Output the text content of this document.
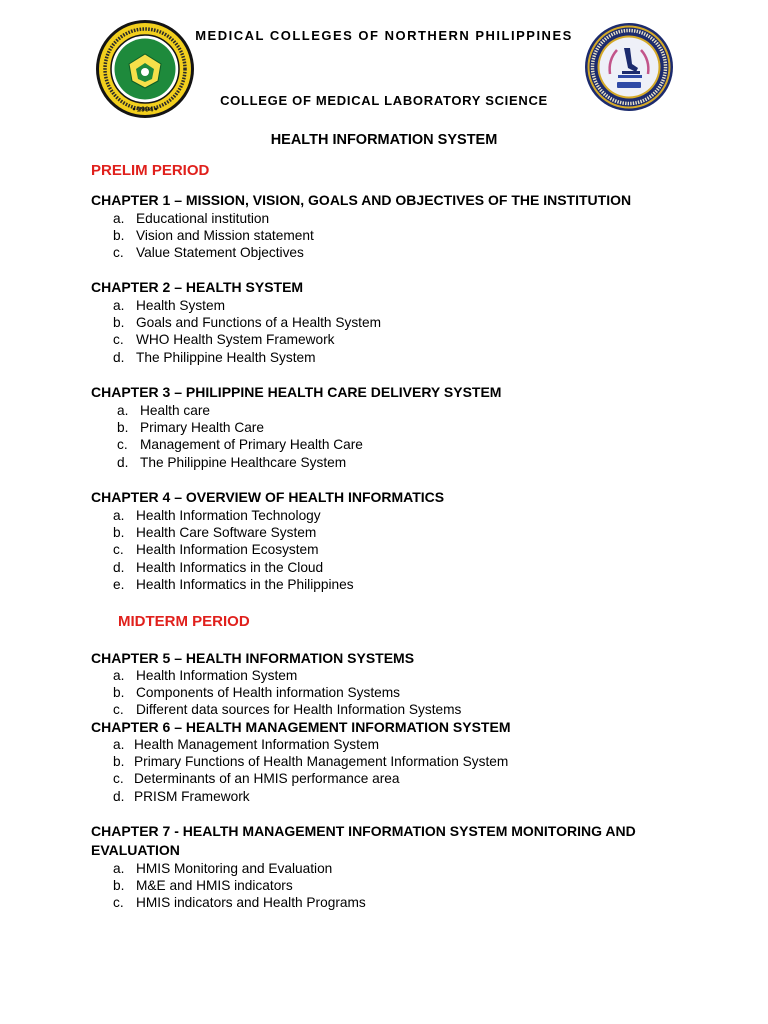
1994
MEDICAL COLLEGES OF NORTHERN PHILIPPINES
COLLEGE OF MEDICAL LABORATORY SCIENCE
HEALTH INFORMATION SYSTEM
PRELIM PERIOD
CHAPTER 1 – MISSION, VISION, GOALS AND OBJECTIVES OF THE INSTITUTION
a. Educational institution
b. Vision and Mission statement
c. Value Statement Objectives
CHAPTER 2 – HEALTH SYSTEM
a. Health System
b. Goals and Functions of a Health System
c. WHO Health System Framework
d. The Philippine Health System
CHAPTER 3 – PHILIPPINE HEALTH CARE DELIVERY SYSTEM
a. Health care
b. Primary Health Care
c. Management of Primary Health Care
d. The Philippine Healthcare System
CHAPTER 4 – OVERVIEW OF HEALTH INFORMATICS
a. Health Information Technology
b. Health Care Software System
c. Health Information Ecosystem
d. Health Informatics in the Cloud
e. Health Informatics in the Philippines
MIDTERM PERIOD
CHAPTER 5 – HEALTH INFORMATION SYSTEMS
a. Health Information System
b. Components of Health information Systems
c. Different data sources for Health Information Systems
CHAPTER 6 – HEALTH MANAGEMENT INFORMATION SYSTEM
a. Health Management Information System
b. Primary Functions of Health Management Information System
c. Determinants of an HMIS performance area
d. PRISM Framework
CHAPTER 7 - HEALTH MANAGEMENT INFORMATION SYSTEM MONITORING AND EVALUATION
a. HMIS Monitoring and Evaluation
b. M&E and HMIS indicators
c. HMIS indicators and Health Programs
